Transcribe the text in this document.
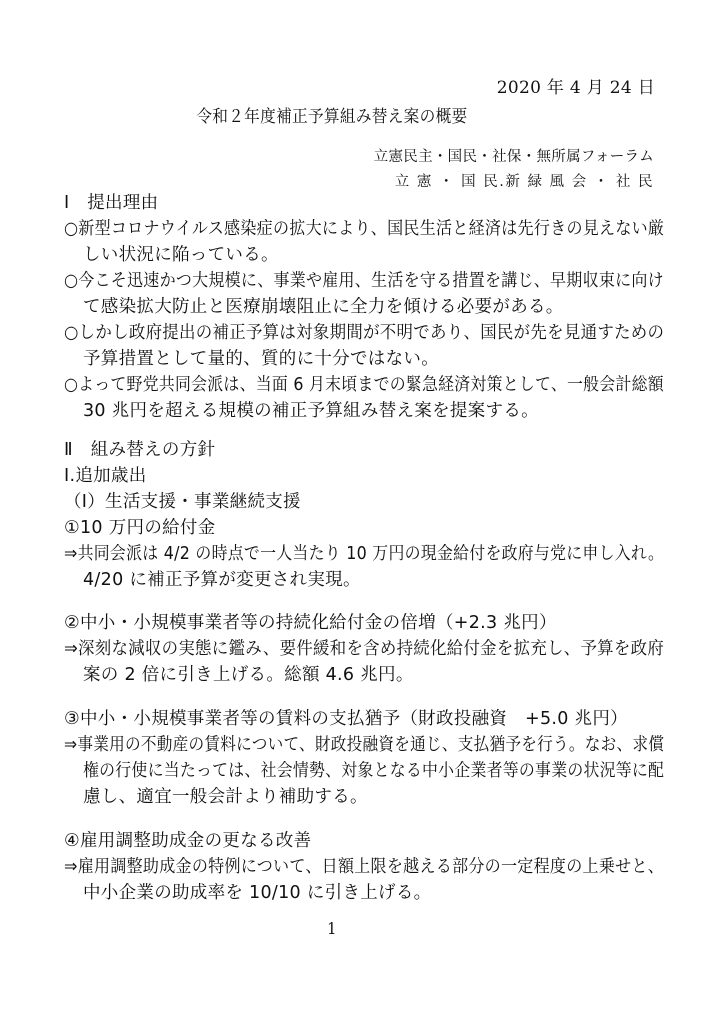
2020 年 4 月 24 日
令和２年度補正予算組み替え案の概要
立憲民主・国民・社保・無所属フォーラム
立 憲 ・ 国 民.新 緑 風 会 ・ 社 民
Ⅰ　提出理由
○新型コロナウイルス感染症の拡大により、国民生活と経済は先行きの見えない厳
しい状況に陥っている。
○今こそ迅速かつ大規模に、事業や雇用、生活を守る措置を講じ、早期収束に向け
て感染拡大防止と医療崩壊阻止に全力を傾ける必要がある。
○しかし政府提出の補正予算は対象期間が不明であり、国民が先を見通すための
予算措置として量的、質的に十分ではない。
○よって野党共同会派は、当面 6 月末頃までの緊急経済対策として、一般会計総額
30 兆円を超える規模の補正予算組み替え案を提案する。
Ⅱ　組み替えの方針
Ⅰ.追加歳出
（Ⅰ）生活支援・事業継続支援
①10 万円の給付金
⇒共同会派は 4/2 の時点で一人当たり 10 万円の現金給付を政府与党に申し入れ。
4/20 に補正予算が変更され実現。
②中小・小規模事業者等の持続化給付金の倍増（+2.3 兆円）
⇒深刻な減収の実態に鑑み、要件緩和を含め持続化給付金を拡充し、予算を政府
案の 2 倍に引き上げる。総額 4.6 兆円。
③中小・小規模事業者等の賃料の支払猶予（財政投融資　+5.0 兆円）
⇒事業用の不動産の賃料について、財政投融資を通じ、支払猶予を行う。なお、求償
権の行使に当たっては、社会情勢、対象となる中小企業者等の事業の状況等に配
慮し、適宜一般会計より補助する。
④雇用調整助成金の更なる改善
⇒雇用調整助成金の特例について、日額上限を越える部分の一定程度の上乗せと、
中小企業の助成率を 10/10 に引き上げる。
1
